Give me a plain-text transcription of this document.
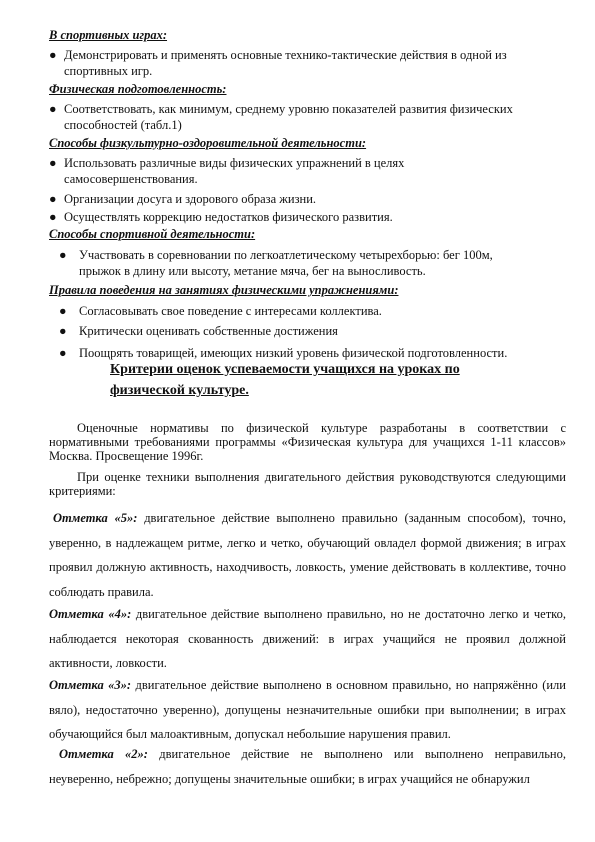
В спортивных играх:
● Демонстрировать и применять основные технико-тактические действия в одной из
спортивных игр.
Физическая подготовленность:
● Соответствовать, как минимум, среднему уровню показателей развития физических
способностей (табл.1)
Способы физкультурно-оздоровительной деятельности:
● Использовать различные виды физических упражнений в целях
самосовершенствования.
● Организации досуга и здорового образа жизни.
● Осуществлять коррекцию недостатков физического развития.
Способы спортивной деятельности:
● Участвовать в соревновании по легкоатлетическому четырехборью: бег 100м,
прыжок в длину или высоту, метание мяча, бег на выносливость.
Правила поведения на занятиях физическими упражнениями:
● Согласовывать свое поведение с интересами коллектива.
● Критически оценивать собственные достижения
● Поощрять товарищей, имеющих низкий уровень физической подготовленности.
Критерии оценок успеваемости учащихся на уроках по
физической культуре.
Оценочные нормативы по физической культуре разработаны в соответствии с нормативными требованиями программы «Физическая культура для учащихся 1-11 классов» Москва. Просвещение 1996г.
При оценке техники выполнения двигательного действия руководствуются следующими критериями:
Отметка «5»: двигательное действие выполнено правильно (заданным способом), точно, уверенно, в надлежащем ритме, легко и четко, обучающий овладел формой движения; в играх проявил должную активность, находчивость, ловкость, умение действовать в коллективе, точно соблюдать правила.
Отметка «4»: двигательное действие выполнено правильно, но не достаточно легко и четко, наблюдается некоторая скованность движений: в играх учащийся не проявил должной активности, ловкости.
Отметка «3»: двигательное действие выполнено в основном правильно, но напряжённо (или вяло), недостаточно уверенно), допущены незначительные ошибки при выполнении; в играх обучающийся был малоактивным, допускал небольшие нарушения правил.
Отметка «2»: двигательное действие не выполнено или выполнено неправильно, неуверенно, небрежно; допущены значительные ошибки; в играх учащийся не обнаружил
